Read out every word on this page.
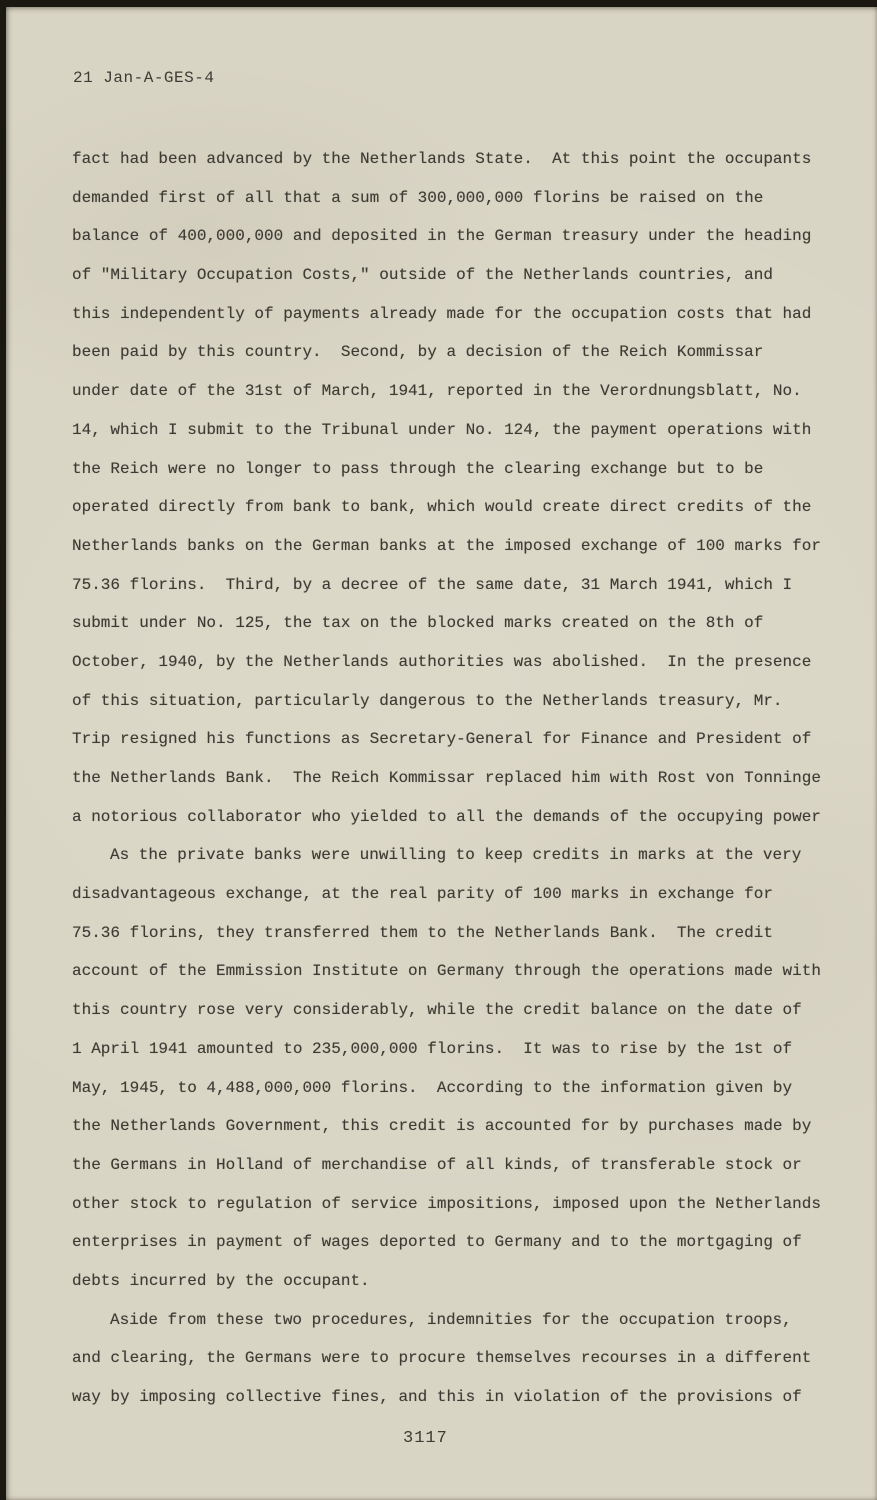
21 Jan-A-GES-4
fact had been advanced by the Netherlands State.  At this point the occupants
demanded first of all that a sum of 300,000,000 florins be raised on the
balance of 400,000,000 and deposited in the German treasury under the heading
of "Military Occupation Costs," outside of the Netherlands countries, and
this independently of payments already made for the occupation costs that had
been paid by this country.  Second, by a decision of the Reich Kommissar
under date of the 31st of March, 1941, reported in the Verordnungsblatt, No.
14, which I submit to the Tribunal under No. 124, the payment operations with
the Reich were no longer to pass through the clearing exchange but to be
operated directly from bank to bank, which would create direct credits of the
Netherlands banks on the German banks at the imposed exchange of 100 marks for
75.36 florins.  Third, by a decree of the same date, 31 March 1941, which I
submit under No. 125, the tax on the blocked marks created on the 8th of
October, 1940, by the Netherlands authorities was abolished.  In the presence
of this situation, particularly dangerous to the Netherlands treasury, Mr.
Trip resigned his functions as Secretary-General for Finance and President of
the Netherlands Bank.  The Reich Kommissar replaced him with Rost von Tonninge
a notorious collaborator who yielded to all the demands of the occupying power
As the private banks were unwilling to keep credits in marks at the very
disadvantageous exchange, at the real parity of 100 marks in exchange for
75.36 florins, they transferred them to the Netherlands Bank.  The credit
account of the Emmission Institute on Germany through the operations made with
this country rose very considerably, while the credit balance on the date of
1 April 1941 amounted to 235,000,000 florins.  It was to rise by the 1st of
May, 1945, to 4,488,000,000 florins.  According to the information given by
the Netherlands Government, this credit is accounted for by purchases made by
the Germans in Holland of merchandise of all kinds, of transferable stock or
other stock to regulation of service impositions, imposed upon the Netherlands
enterprises in payment of wages deported to Germany and to the mortgaging of
debts incurred by the occupant.
Aside from these two procedures, indemnities for the occupation troops,
and clearing, the Germans were to procure themselves recourses in a different
way by imposing collective fines, and this in violation of the provisions of
3117
